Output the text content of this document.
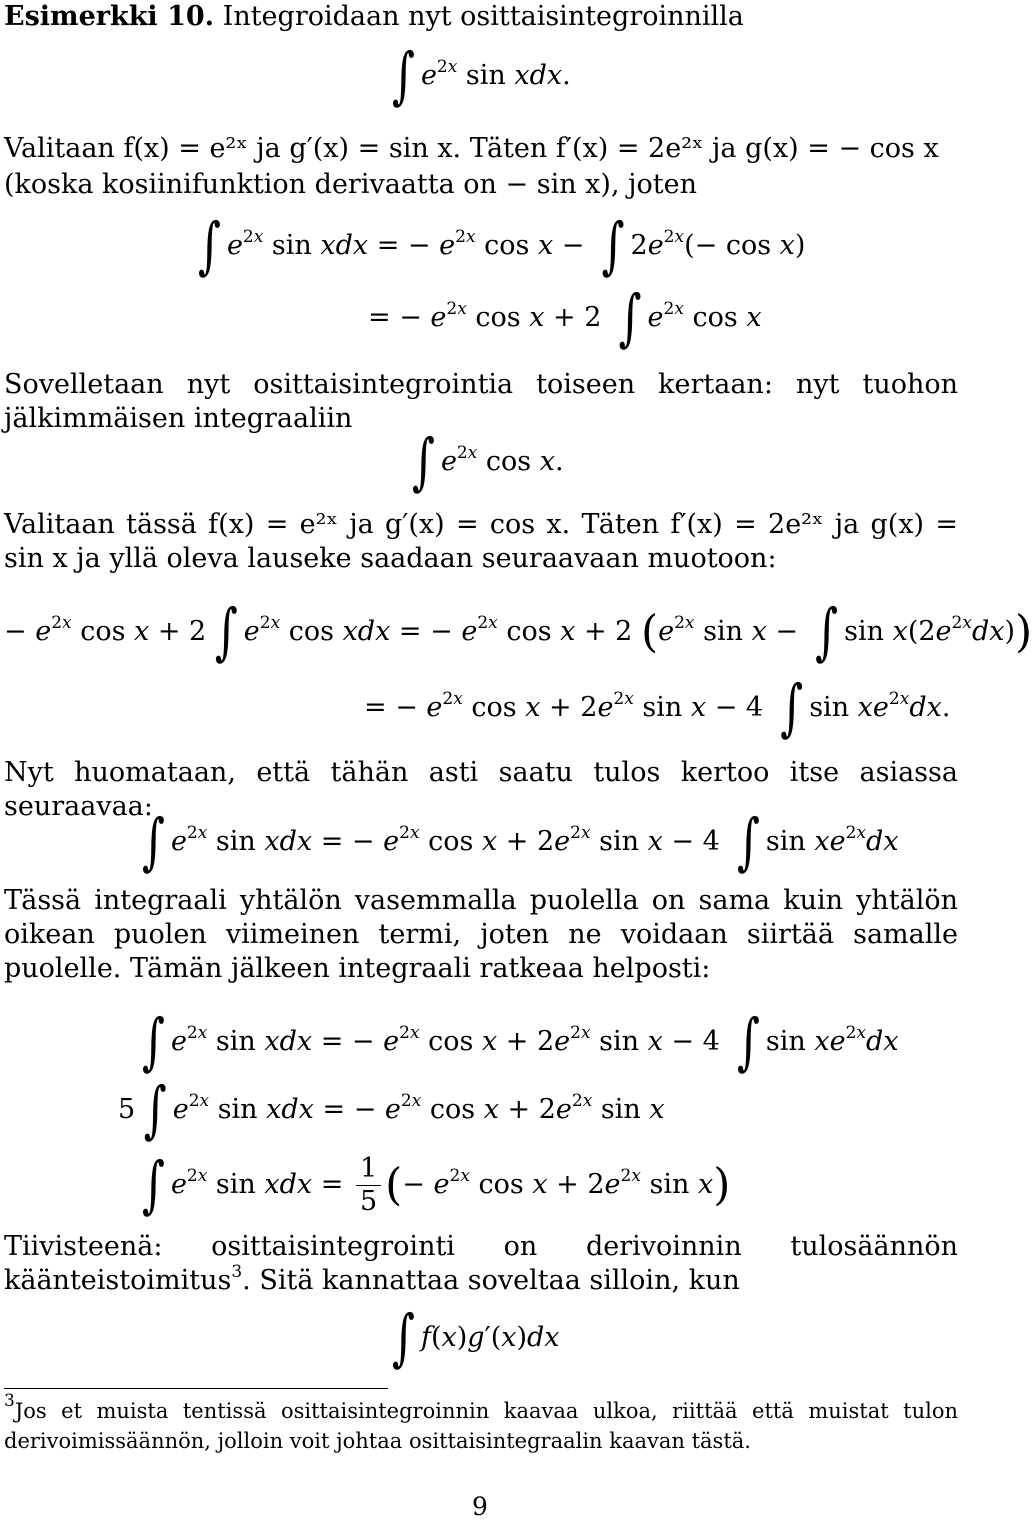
Esimerkki 10. Integroidaan nyt osittaisintegroinnilla

∫ $e^{2x}$ sin xdx.

Valitaan f(x) = e²ˣ ja g′(x) = sin x. Täten f′(x) = 2e²ˣ ja g(x) = − cos x

(koska kosiinifunktion derivaatta on − sin x), joten

∫ $e^{2x}$ sin xdx = − $e^{2x}$ cos x −  ∫ $2e^{2x}(- \cos x)$
= − $e^{2x}$ cos x + 2  ∫ $e^{2x}$ cos x

Sovelletaan nyt osittaisintegrointia toiseen kertaan: nyt tuohon jälkimmäisen integraaliin

∫ $e^{2x}$ cos x.

Valitaan tässä f(x) = e²ˣ ja g′(x) = cos x. Täten f′(x) = 2e²ˣ ja g(x) = sin x ja yllä oleva lauseke saadaan seuraavaan muotoon:

− $e^{2x}$ cos x + 2 ∫ $e^{2x}$ cos xdx = − $e^{2x}$ cos x + 2 ($e^{2x}$ sin x −  ∫ $\sin x(2e^{2x}dx)$)
= − $e^{2x}$ $\cos x + 2e^{2x}$ sin x − 4  ∫ $\sin xe^{2x}dx$.

Nyt huomataan, että tähän asti saatu tulos kertoo itse asiassa seuraavaa:

∫ $e^{2x}$ sin xdx = − $e^{2x}$ $\cos x + 2e^{2x}$ sin x − 4  ∫ $\sin xe^{2x}dx$

Tässä integraali yhtälön vasemmalla puolella on sama kuin yhtälön oikean puolen viimeinen termi, joten ne voidaan siirtää samalle puolelle. Tämän jälkeen integraali ratkeaa helposti:

∫ $e^{2x}$ sin xdx = − $e^{2x}$ $\cos x + 2e^{2x}$ sin x − 4  ∫ $\sin xe^{2x}dx$
5 ∫ $e^{2x}$ sin xdx = − $e^{2x}$ $\cos x + 2e^{2x}$ sin x
∫ $e^{2x}$ sin xdx = $\frac{1}{5}$ (− $e^{2x}$ $\cos x + 2e^{2x}$ sin x)

Tiivisteenä: osittaisintegrointi on derivoinnin tulosäännön käänteistoimitus$^3$. Sitä kannattaa soveltaa silloin, kun

∫ f(x)g′(x)dx

$^3$Jos et muista tentissä osittaisintegroinnin kaavaa ulkoa, riittää että muistat tulon derivoimissäännön, jolloin voit johtaa osittaisintegraalin kaavan tästä.

9
